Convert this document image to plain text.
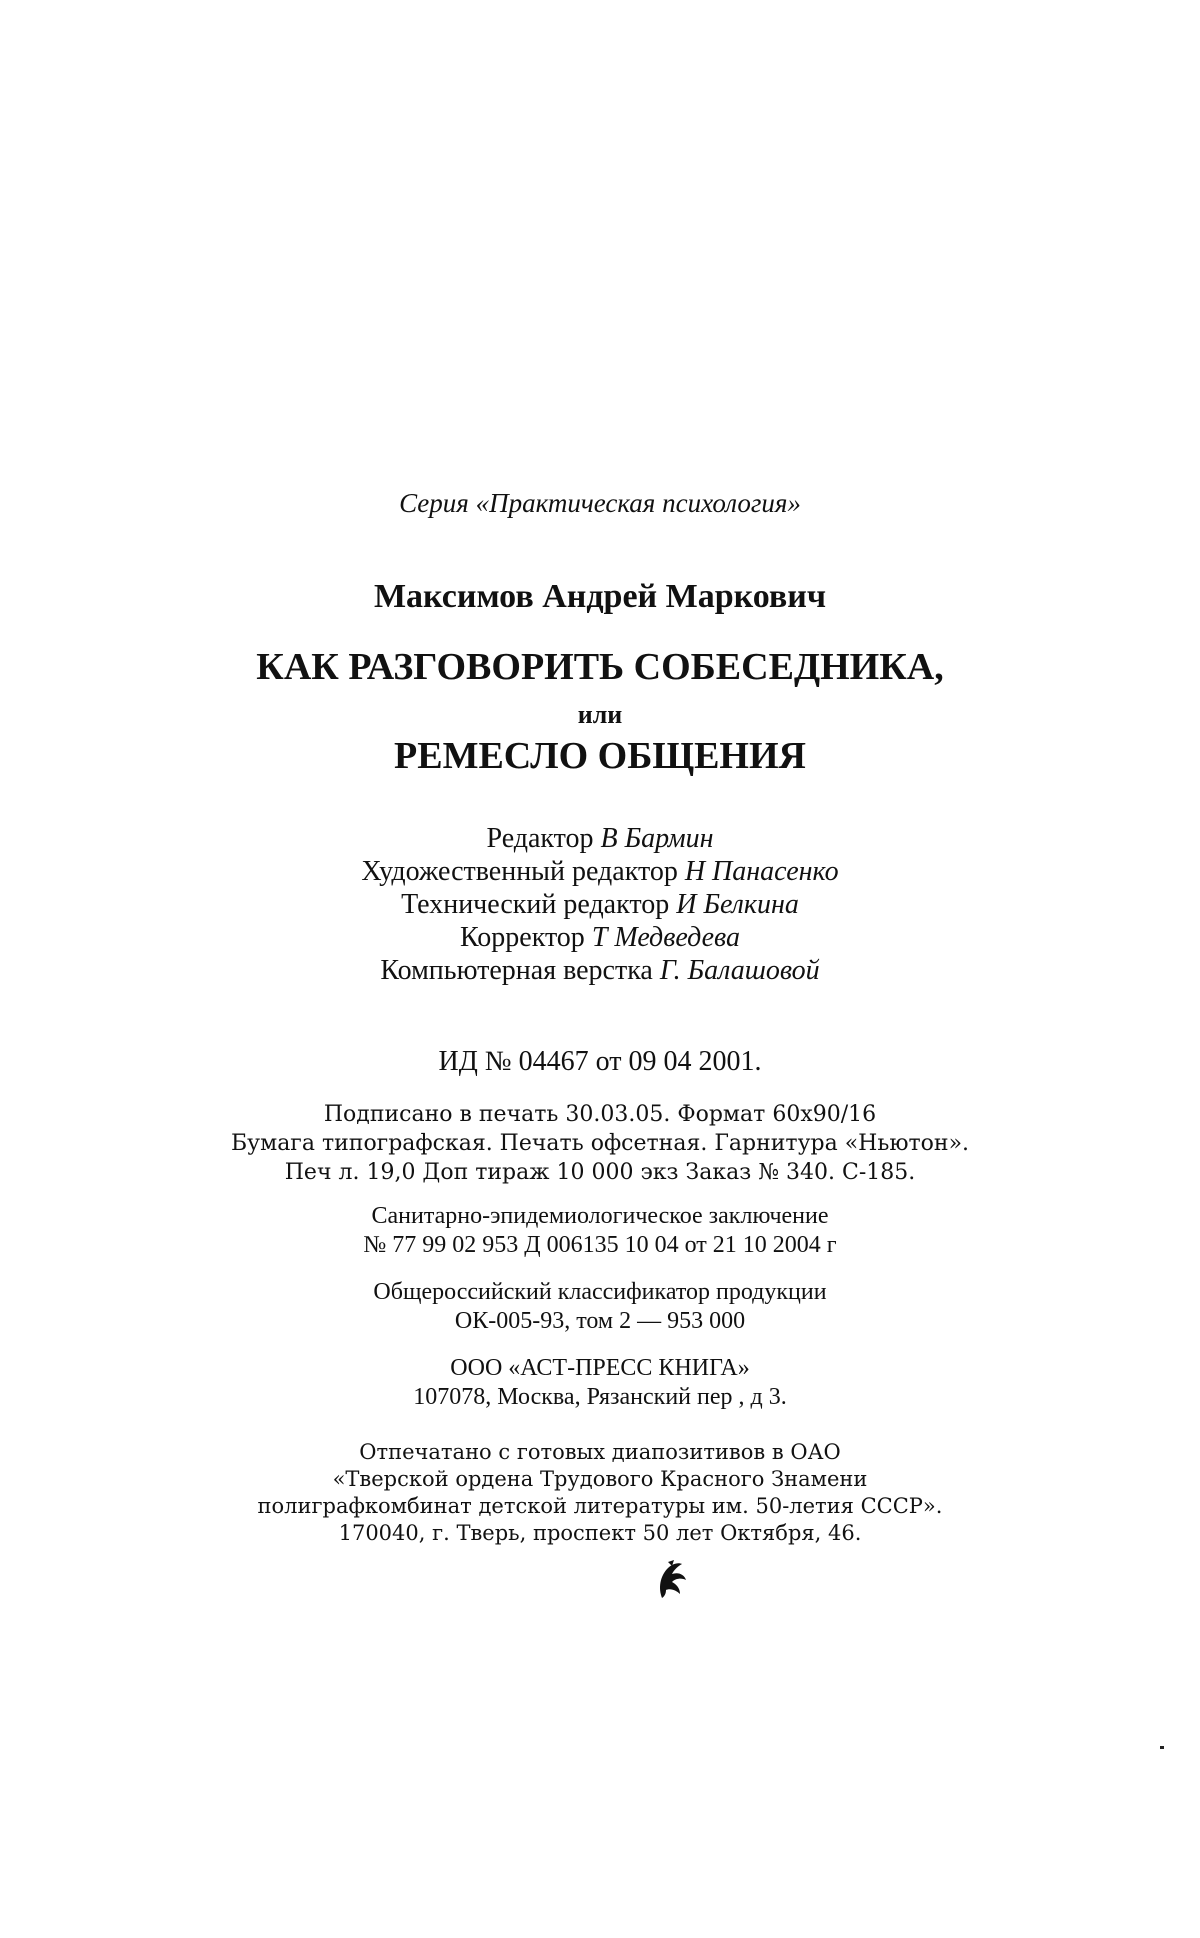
Серия «Практическая психология»
Максимов Андрей Маркович
КАК РАЗГОВОРИТЬ СОБЕСЕДНИКА,
или
РЕМЕСЛО ОБЩЕНИЯ
Редактор В Бармин
Художественный редактор Н Панасенко
Технический редактор И Белкина
Корректор Т Медведева
Компьютерная верстка Г. Балашовой
ИД № 04467 от 09 04 2001.
Подписано в печать 30.03.05. Формат 60x90/16
Бумага типографская. Печать офсетная. Гарнитура «Ньютон».
Печ л. 19,0 Доп тираж 10 000 экз Заказ № 340. С-185.
Санитарно-эпидемиологическое заключение
№ 77 99 02 953 Д 006135 10 04 от 21 10 2004 г
Общероссийский классификатор продукции
ОК-005-93, том 2 — 953 000
ООО «АСТ-ПРЕСС КНИГА»
107078, Москва, Рязанский пер , д 3.
Отпечатано с готовых диапозитивов в ОАО
«Тверской ордена Трудового Красного Знамени
полиграфкомбинат детской литературы им. 50-летия СССР».
170040, г. Тверь, проспект 50 лет Октября, 46.
